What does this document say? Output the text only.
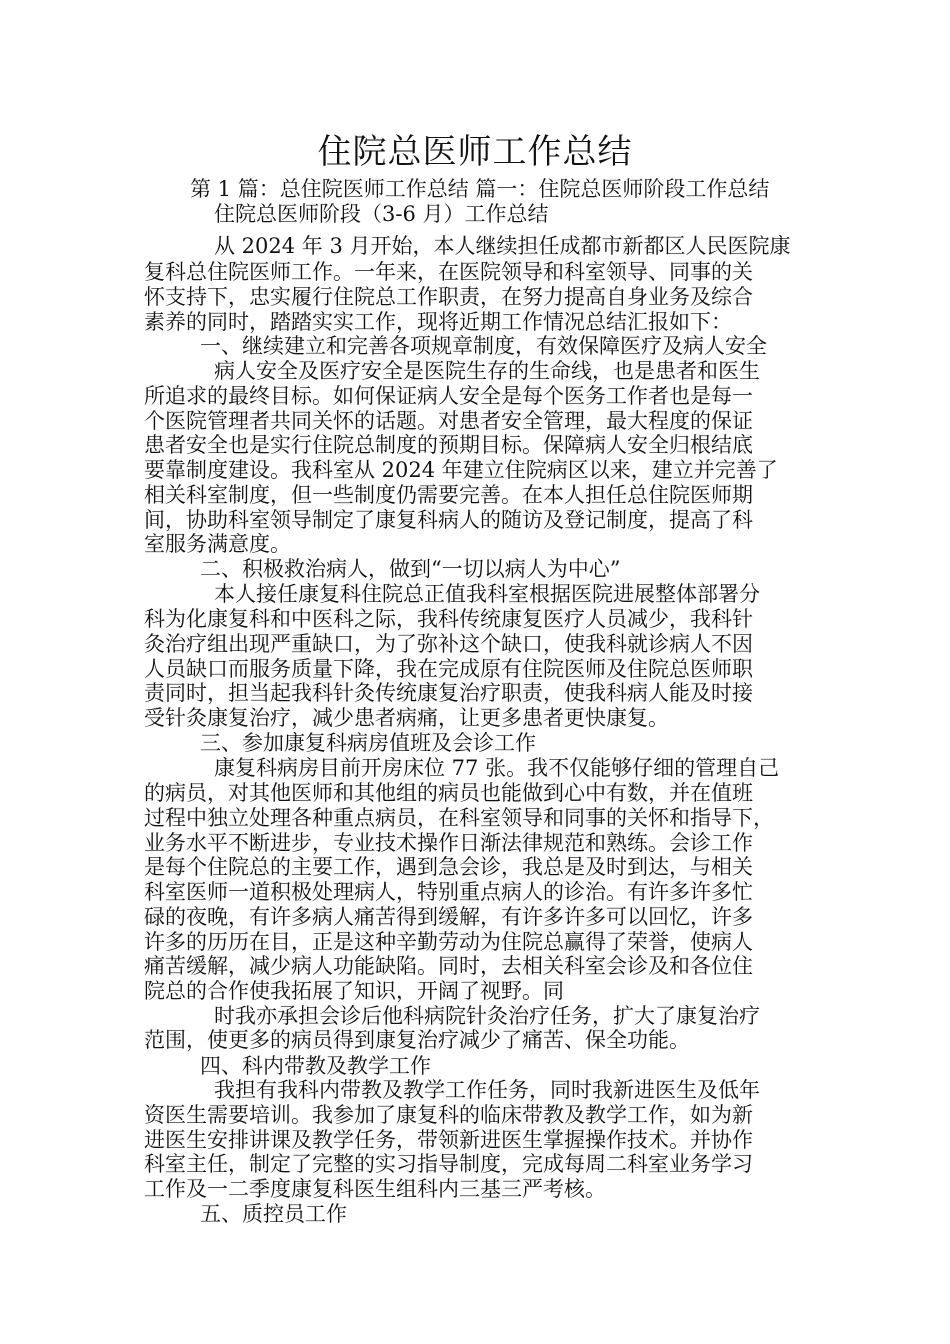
住院总医师工作总结
第 1 篇：总住院医师工作总结 篇一：住院总医师阶段工作总结
住院总医师阶段（3-6 月）工作总结
从 2024 年 3 月开始，本人继续担任成都市新都区人民医院康
复科总住院医师工作。一年来，在医院领导和科室领导、同事的关
怀支持下，忠实履行住院总工作职责，在努力提高自身业务及综合
素养的同时，踏踏实实工作，现将近期工作情况总结汇报如下：
一、继续建立和完善各项规章制度，有效保障医疗及病人安全
病人安全及医疗安全是医院生存的生命线，也是患者和医生
所追求的最终目标。如何保证病人安全是每个医务工作者也是每一
个医院管理者共同关怀的话题。对患者安全管理，最大程度的保证
患者安全也是实行住院总制度的预期目标。保障病人安全归根结底
要靠制度建设。我科室从 2024 年建立住院病区以来，建立并完善了
相关科室制度，但一些制度仍需要完善。在本人担任总住院医师期
间，协助科室领导制定了康复科病人的随访及登记制度，提高了科
室服务满意度。
二、积极救治病人，做到“一切以病人为中心”
本人接任康复科住院总正值我科室根据医院进展整体部署分
科为化康复科和中医科之际，我科传统康复医疗人员减少，我科针
灸治疗组出现严重缺口，为了弥补这个缺口，使我科就诊病人不因
人员缺口而服务质量下降，我在完成原有住院医师及住院总医师职
责同时，担当起我科针灸传统康复治疗职责，使我科病人能及时接
受针灸康复治疗，减少患者病痛，让更多患者更快康复。
三、参加康复科病房值班及会诊工作
康复科病房目前开房床位 77 张。我不仅能够仔细的管理自己
的病员，对其他医师和其他组的病员也能做到心中有数，并在值班
过程中独立处理各种重点病员，在科室领导和同事的关怀和指导下，
业务水平不断进步，专业技术操作日渐法律规范和熟练。会诊工作
是每个住院总的主要工作，遇到急会诊，我总是及时到达，与相关
科室医师一道积极处理病人，特别重点病人的诊治。有许多许多忙
碌的夜晚，有许多病人痛苦得到缓解，有许多许多可以回忆，许多
许多的历历在目，正是这种辛勤劳动为住院总赢得了荣誉，使病人
痛苦缓解，减少病人功能缺陷。同时，去相关科室会诊及和各位住
院总的合作使我拓展了知识，开阔了视野。同
时我亦承担会诊后他科病院针灸治疗任务，扩大了康复治疗
范围，使更多的病员得到康复治疗减少了痛苦、保全功能。
四、科内带教及教学工作
我担有我科内带教及教学工作任务，同时我新进医生及低年
资医生需要培训。我参加了康复科的临床带教及教学工作，如为新
进医生安排讲课及教学任务，带领新进医生掌握操作技术。并协作
科室主任，制定了完整的实习指导制度，完成每周二科室业务学习
工作及一二季度康复科医生组科内三基三严考核。
五、质控员工作
